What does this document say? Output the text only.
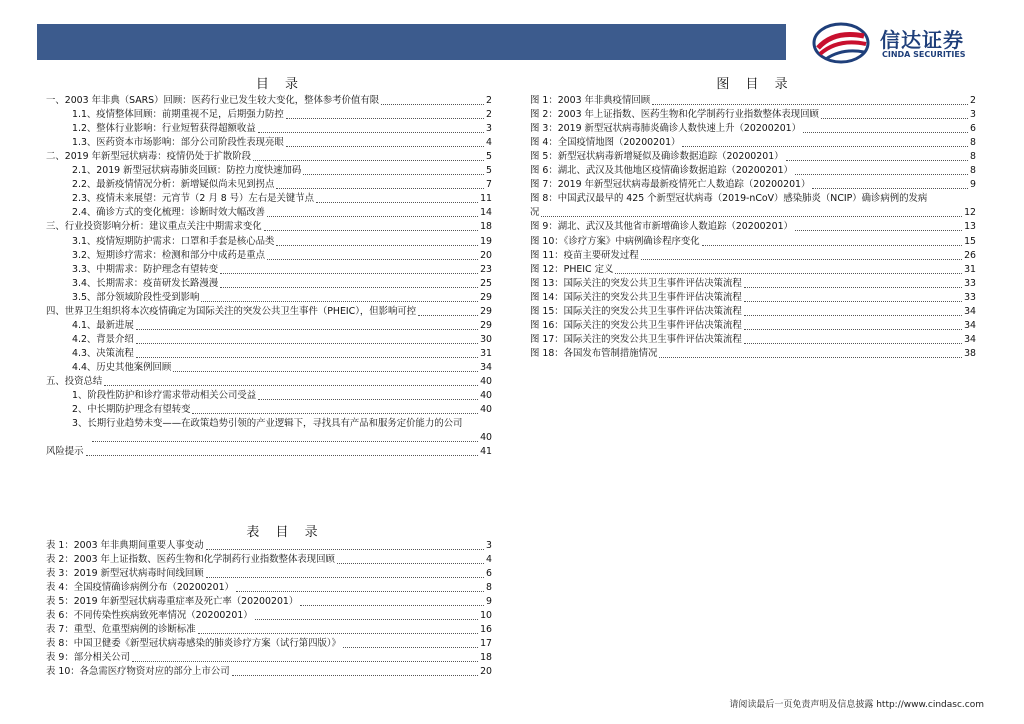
信达证券
CINDA SECURITIES
目 录
一、2003 年非典（SARS）回顾：医药行业已发生较大变化，整体参考价值有限	2
1.1、疫情整体回顾：前期重视不足，后期强力防控	2
1.2、整体行业影响：行业短暂获得超额收益	3
1.3、医药资本市场影响：部分公司阶段性表现亮眼	4
二、2019 年新型冠状病毒：疫情仍处于扩散阶段	5
2.1、2019 新型冠状病毒肺炎回顾：防控力度快速加码	5
2.2、最新疫情情况分析：新增疑似尚未见到拐点	7
2.3、疫情未来展望：元宵节（2 月 8 号）左右是关键节点	11
2.4、确诊方式的变化梳理：诊断时效大幅改善	14
三、行业投资影响分析：建议重点关注中期需求变化	18
3.1、疫情短期防护需求：口罩和手套是核心品类	19
3.2、短期诊疗需求：检测和部分中成药是重点	20
3.3、中期需求：防护理念有望转变	23
3.4、长期需求：疫苗研发长路漫漫	25
3.5、部分领域阶段性受到影响	29
四、世界卫生组织将本次疫情确定为国际关注的突发公共卫生事件（PHEIC），但影响可控	29
4.1、最新进展	29
4.2、背景介绍	30
4.3、决策流程	31
4.4、历史其他案例回顾	34
五、投资总结	40
1、阶段性防护和诊疗需求带动相关公司受益	40
2、中长期防护理念有望转变	40
3、长期行业趋势未变——在政策趋势引领的产业逻辑下，寻找具有产品和服务定价能力的公司
40
风险提示	41
图 目 录
图 1：2003 年非典疫情回顾	2
图 2：2003 年上证指数、医药生物和化学制药行业指数整体表现回顾	3
图 3：2019 新型冠状病毒肺炎确诊人数快速上升（20200201）	6
图 4：全国疫情地图（20200201）	8
图 5：新型冠状病毒新增疑似及确诊数据追踪（20200201）	8
图 6：湖北、武汉及其他地区疫情确诊数据追踪（20200201）	8
图 7：2019 年新型冠状病毒最新疫情死亡人数追踪（20200201）	9
图 8：中国武汉最早的 425 个新型冠状病毒（2019-nCoV）感染肺炎（NCIP）确诊病例的发病
况	12
图 9：湖北、武汉及其他省市新增确诊人数追踪（20200201）	13
图 10：《诊疗方案》中病例确诊程序变化	15
图 11：疫苗主要研发过程	26
图 12：PHEIC 定义	31
图 13：国际关注的突发公共卫生事件评估决策流程	33
图 14：国际关注的突发公共卫生事件评估决策流程	33
图 15：国际关注的突发公共卫生事件评估决策流程	34
图 16：国际关注的突发公共卫生事件评估决策流程	34
图 17：国际关注的突发公共卫生事件评估决策流程	34
图 18：各国发布管制措施情况	38
表 目 录
表 1：2003 年非典期间重要人事变动	3
表 2：2003 年上证指数、医药生物和化学制药行业指数整体表现回顾	4
表 3：2019 新型冠状病毒时间线回顾	6
表 4：全国疫情确诊病例分布（20200201）	8
表 5：2019 年新型冠状病毒重症率及死亡率（20200201）	9
表 6：不同传染性疾病致死率情况（20200201）	10
表 7：重型、危重型病例的诊断标准	16
表 8：中国卫健委《新型冠状病毒感染的肺炎诊疗方案（试行第四版）》	17
表 9：部分相关公司	18
表 10：各急需医疗物资对应的部分上市公司	20
请阅读最后一页免责声明及信息披露 http://www.cindasc.com
